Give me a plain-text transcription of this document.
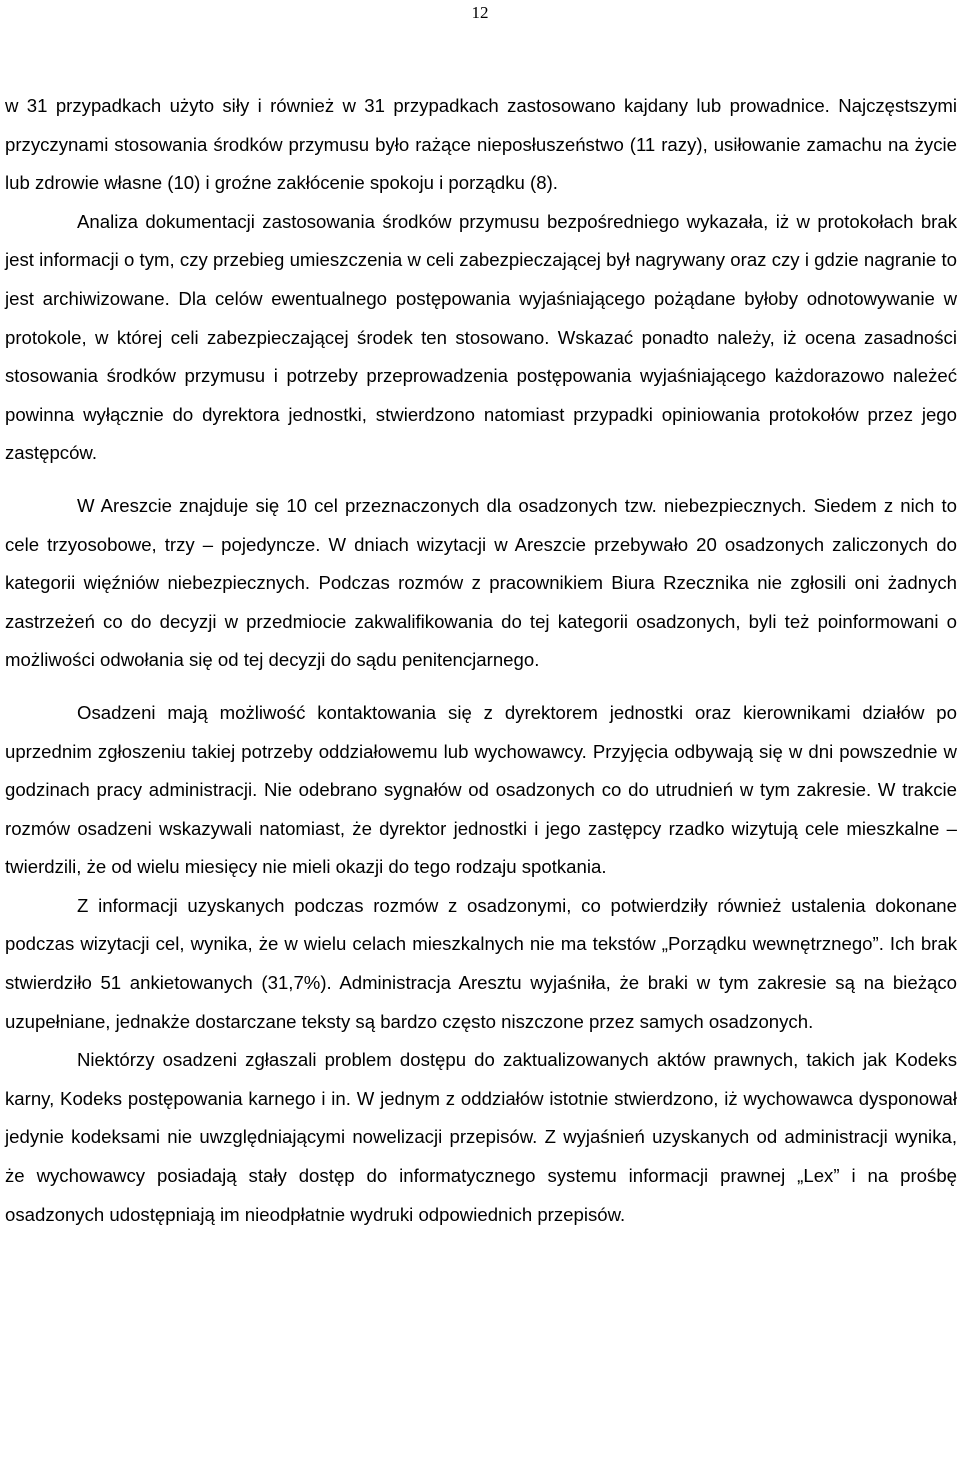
12

w 31 przypadkach użyto siły i również w 31 przypadkach zastosowano kajdany lub prowadnice. Najczęstszymi przyczynami stosowania środków przymusu było rażące nieposłuszeństwo (11 razy), usiłowanie zamachu na życie lub zdrowie własne (10) i groźne zakłócenie spokoju i porządku (8).

Analiza dokumentacji zastosowania środków przymusu bezpośredniego wykazała, iż w protokołach brak jest informacji o tym, czy przebieg umieszczenia w celi zabezpieczającej był nagrywany oraz czy i gdzie nagranie to jest archiwizowane. Dla celów ewentualnego postępowania wyjaśniającego pożądane byłoby odnotowywanie w protokole, w której celi zabezpieczającej środek ten stosowano. Wskazać ponadto należy, iż ocena zasadności stosowania środków przymusu i potrzeby przeprowadzenia postępowania wyjaśniającego każdorazowo należeć powinna wyłącznie do dyrektora jednostki, stwierdzono natomiast przypadki opiniowania protokołów przez jego zastępców.

W Areszcie znajduje się 10 cel przeznaczonych dla osadzonych tzw. niebezpiecznych. Siedem z nich to cele trzyosobowe, trzy – pojedyncze. W dniach wizytacji w Areszcie przebywało 20 osadzonych zaliczonych do kategorii więźniów niebezpiecznych. Podczas rozmów z pracownikiem Biura Rzecznika nie zgłosili oni żadnych zastrzeżeń co do decyzji w przedmiocie zakwalifikowania do tej kategorii osadzonych, byli też poinformowani o możliwości odwołania się od tej decyzji do sądu penitencjarnego.

Osadzeni mają możliwość kontaktowania się z dyrektorem jednostki oraz kierownikami działów po uprzednim zgłoszeniu takiej potrzeby oddziałowemu lub wychowawcy. Przyjęcia odbywają się w dni powszednie w godzinach pracy administracji. Nie odebrano sygnałów od osadzonych co do utrudnień w tym zakresie. W trakcie rozmów osadzeni wskazywali natomiast, że dyrektor jednostki i jego zastępcy rzadko wizytują cele mieszkalne – twierdzili, że od wielu miesięcy nie mieli okazji do tego rodzaju spotkania.

Z informacji uzyskanych podczas rozmów z osadzonymi, co potwierdziły również ustalenia dokonane podczas wizytacji cel, wynika, że w wielu celach mieszkalnych nie ma tekstów „Porządku wewnętrznego”. Ich brak stwierdziło 51 ankietowanych (31,7%). Administracja Aresztu wyjaśniła, że braki w tym zakresie są na bieżąco uzupełniane, jednakże dostarczane teksty są bardzo często niszczone przez samych osadzonych.

Niektórzy osadzeni zgłaszali problem dostępu do zaktualizowanych aktów prawnych, takich jak Kodeks karny, Kodeks postępowania karnego i in. W jednym z oddziałów istotnie stwierdzono, iż wychowawca dysponował jedynie kodeksami nie uwzględniającymi nowelizacji przepisów. Z wyjaśnień uzyskanych od administracji wynika, że wychowawcy posiadają stały dostęp do informatycznego systemu informacji prawnej „Lex” i na prośbę osadzonych udostępniają im nieodpłatnie wydruki odpowiednich przepisów.
